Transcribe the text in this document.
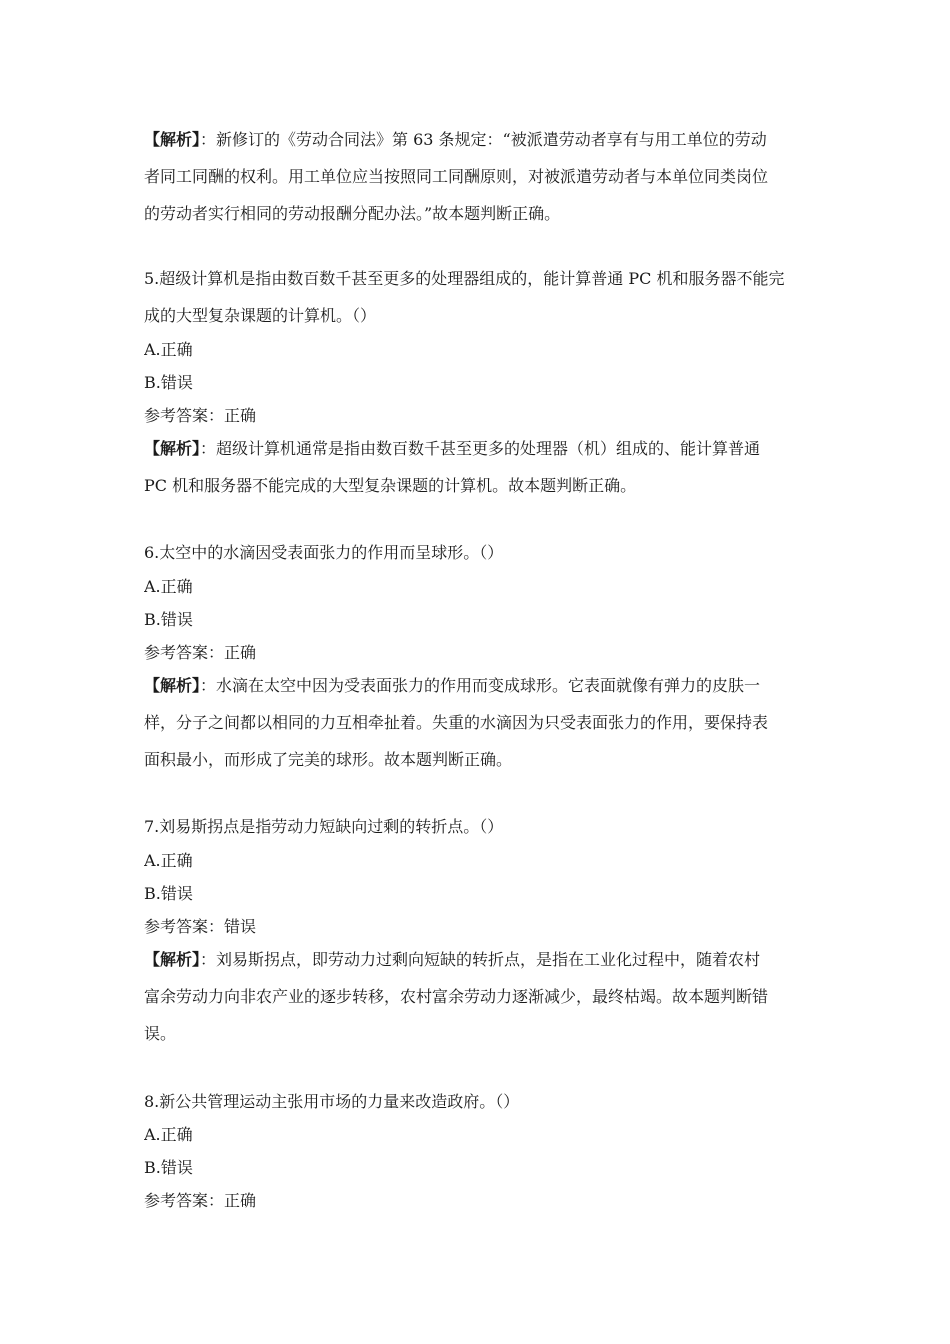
【解析】：新修订的《劳动合同法》第 63 条规定：“被派遣劳动者享有与用工单位的劳动
者同工同酬的权利。用工单位应当按照同工同酬原则，对被派遣劳动者与本单位同类岗位
的劳动者实行相同的劳动报酬分配办法。”故本题判断正确。
5.超级计算机是指由数百数千甚至更多的处理器组成的，能计算普通 PC 机和服务器不能完
成的大型复杂课题的计算机。（）
A.正确
B.错误
参考答案：正确
【解析】：超级计算机通常是指由数百数千甚至更多的处理器（机）组成的、能计算普通
PC 机和服务器不能完成的大型复杂课题的计算机。故本题判断正确。
6.太空中的水滴因受表面张力的作用而呈球形。（）
A.正确
B.错误
参考答案：正确
【解析】：水滴在太空中因为受表面张力的作用而变成球形。它表面就像有弹力的皮肤一
样，分子之间都以相同的力互相牵扯着。失重的水滴因为只受表面张力的作用，要保持表
面积最小，而形成了完美的球形。故本题判断正确。
7.刘易斯拐点是指劳动力短缺向过剩的转折点。（）
A.正确
B.错误
参考答案：错误
【解析】：刘易斯拐点，即劳动力过剩向短缺的转折点，是指在工业化过程中，随着农村
富余劳动力向非农产业的逐步转移，农村富余劳动力逐渐减少，最终枯竭。故本题判断错
误。
8.新公共管理运动主张用市场的力量来改造政府。（）
A.正确
B.错误
参考答案：正确
